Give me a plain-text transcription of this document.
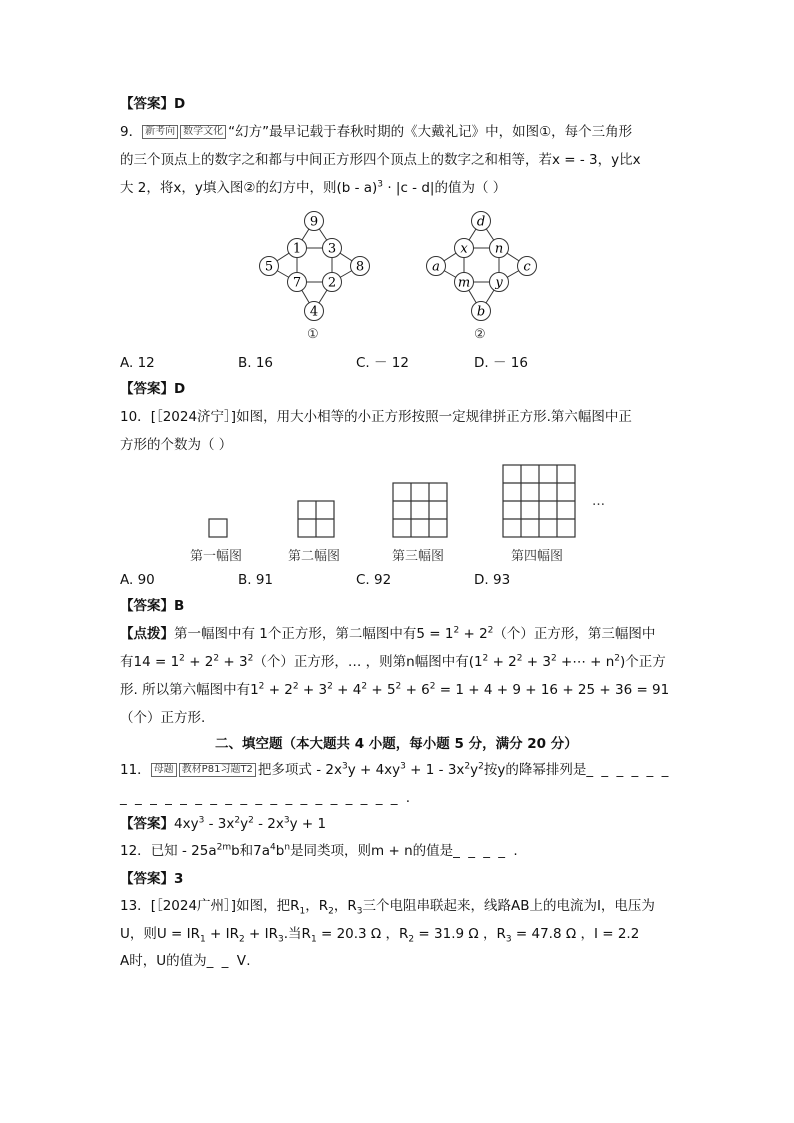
【答案】D
9． 新考向 数学文化 “幻方”最早记载于春秋时期的《大戴礼记》中，如图①，每个三角形
的三个顶点上的数字之和都与中间正方形四个顶点上的数字之和相等，若x = - 3，y比x
大 2，将x，y填入图②的幻方中，则(b - a)$^3$ · |c - d|的值为（ ）
9
1 3
5	8
7 2
4
d
x n
a	c
m y
b
①	②
A. 12	B. 16	C. － 12	D. － 16
【答案】D
10．[［2024济宁］]如图，用大小相等的小正方形按照一定规律拼正方形.第六幅图中正
方形的个数为（ ）
…
第一幅图	第二幅图	第三幅图	第四幅图
A. 90	B. 91	C. 92	D. 93
【答案】B
【点拨】第一幅图中有 1个正方形，第二幅图中有$5 = 1^2 + 2^2$（个）正方形，第三幅图中
有$14 = 1^2 + 2^2 + 3^2$（个）正方形，… ，则第n幅图中有($1^2 + 2^2 + 3^2$ +⋯ + $n^2$)个正方
形. 所以第六幅图中有$1^2 + 2^2 + 3^2 + 4^2 + 5^2 + 6^2 = 1 + 4 + 9 + 16 + 25 + 36 = 91$
（个）正方形.
二、填空题（本大题共 4 小题，每小题 5 分，满分 20 分）
11． 母题 教材P81习题T2 把多项式 - $2x^3y + 4xy^3 + 1 - 3x^2y^2$按y的降幂排列是_ _ _ _ _ _
_ _ _ _ _ _ _ _ _ _ _ _ _ _ _ _ _ _ _ .
【答案】$4xy^3 - 3x^2y^2 - 2x^3y + 1$
12．已知 - $25a^{2m}b$和$7a^4b^n$是同类项，则m + n的值是_ _ _ _ .
【答案】3
13．[［2024广州］]如图，把$R_1$，$R_2$，$R_3$三个电阻串联起来，线路AB上的电流为I，电压为
U，则$U = IR_1 + IR_2 + IR_3$.当$R_1 = 20.3$ Ω ，$R_2 = 31.9$ Ω ，$R_3 = 47.8$ Ω ，I = 2.2
A时，U的值为_ _ V.
